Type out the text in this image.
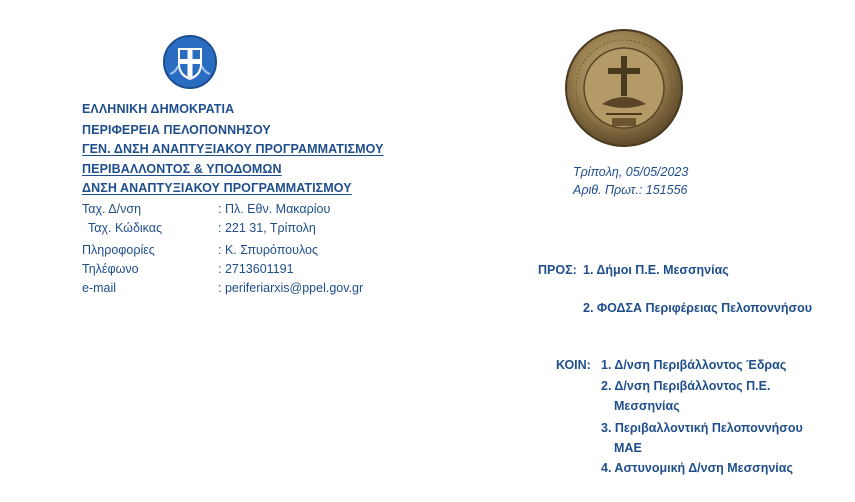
ΕΛΛΗΝΙΚΗ ΔΗΜΟΚΡΑΤΙΑ
ΠΕΡΙΦΕΡΕΙΑ ΠΕΛΟΠΟΝΝΗΣΟΥ
ΓΕΝ. ΔΝΣΗ ΑΝΑΠΤΥΞΙΑΚΟΥ ΠΡΟΓΡΑΜΜΑΤΙΣΜΟΥ
ΠΕΡΙΒΑΛΛΟΝΤΟΣ & ΥΠΟΔΟΜΩΝ
ΔΝΣΗ ΑΝΑΠΤΥΞΙΑΚΟΥ ΠΡΟΓΡΑΜΜΑΤΙΣΜΟΥ
Ταχ. Δ/νση	: Πλ. Εθν. Μακαρίου
Ταχ. Κώδικας	: 221 31, Τρίπολη
Πληροφορίες	: Κ. Σπυρόπουλος
Τηλέφωνο	: 2713601191
e-mail	: periferiarxis@ppel.gov.gr
Τρίπολη, 05/05/2023
Αριθ. Πρωτ.: 151556
ΠΡΟΣ: 1. Δήμοι Π.Ε. Μεσσηνίας
2. ΦΟΔΣΑ Περιφέρειας Πελοποννήσου
ΚΟΙΝ: 1. Δ/νση Περιβάλλοντος Έδρας
2. Δ/νση Περιβάλλοντος Π.Ε.
Μεσσηνίας
3. Περιβαλλοντική Πελοποννήσου
ΜΑΕ
4. Αστυνομική Δ/νση Μεσσηνίας
